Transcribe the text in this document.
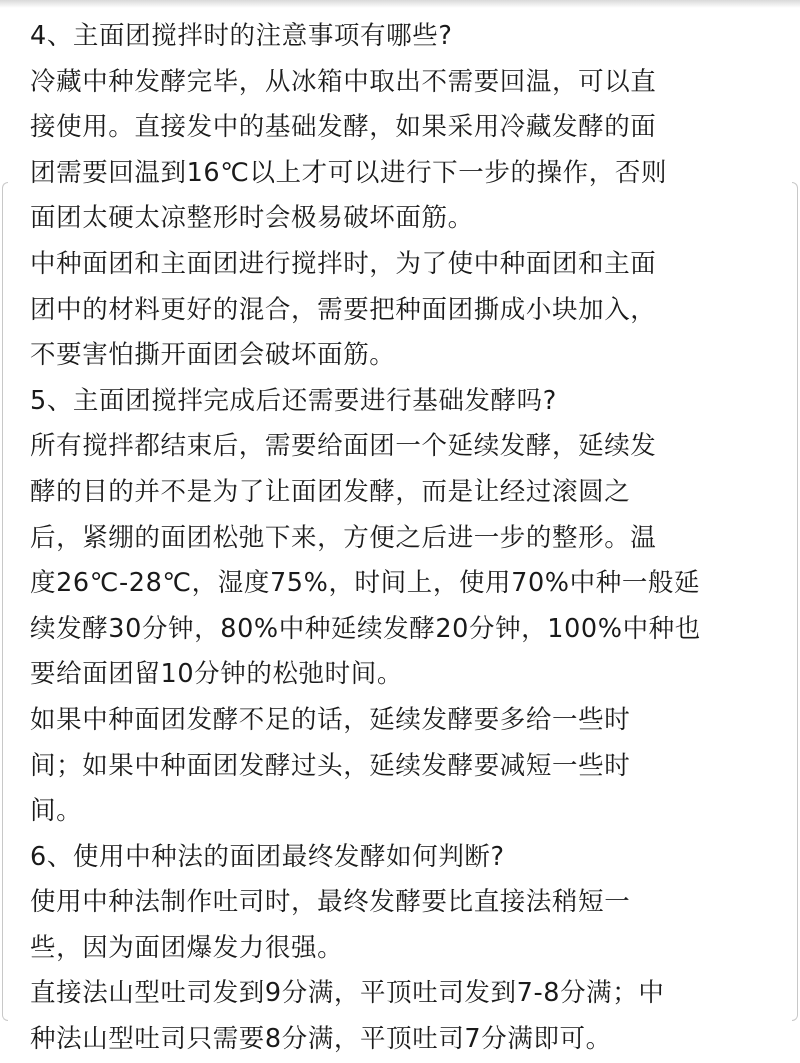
4、主面团搅拌时的注意事项有哪些?
冷藏中种发酵完毕，从冰箱中取出不需要回温，可以直
接使用。直接发中的基础发酵，如果采用冷藏发酵的面
团需要回温到16℃以上才可以进行下一步的操作，否则
面团太硬太凉整形时会极易破坏面筋。
中种面团和主面团进行搅拌时，为了使中种面团和主面
团中的材料更好的混合，需要把种面团撕成小块加入，
不要害怕撕开面团会破坏面筋。
5、主面团搅拌完成后还需要进行基础发酵吗?
所有搅拌都结束后，需要给面团一个延续发酵，延续发
酵的目的并不是为了让面团发酵，而是让经过滚圆之
后，紧绷的面团松弛下来，方便之后进一步的整形。温
度26℃-28℃，湿度75%，时间上，使用70%中种一般延
续发酵30分钟，80%中种延续发酵20分钟，100%中种也
要给面团留10分钟的松弛时间。
如果中种面团发酵不足的话，延续发酵要多给一些时
间；如果中种面团发酵过头，延续发酵要减短一些时
间。
6、使用中种法的面团最终发酵如何判断?
使用中种法制作吐司时，最终发酵要比直接法稍短一
些，因为面团爆发力很强。
直接法山型吐司发到9分满，平顶吐司发到7-8分满；中
种法山型吐司只需要8分满，平顶吐司7分满即可。
